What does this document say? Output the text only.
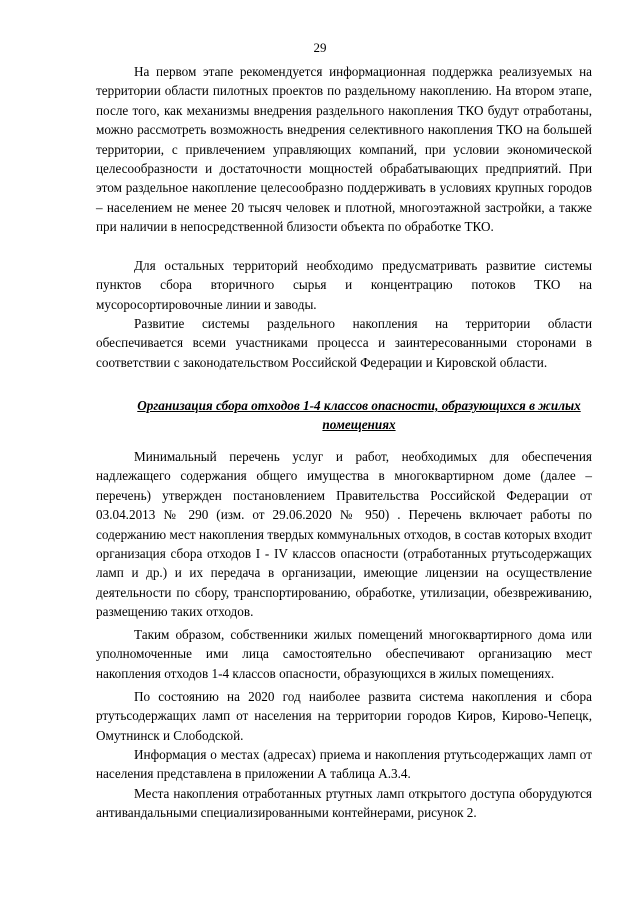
29

На первом этапе рекомендуется информационная поддержка реализуемых на территории области пилотных проектов по раздельному накоплению. На втором этапе, после того, как механизмы внедрения раздельного накопления ТКО будут отработаны, можно рассмотреть возможность внедрения селективного накопления ТКО на большей территории, с привлечением управляющих компаний, при условии экономической целесообразности и достаточности мощностей обрабатывающих предприятий. При этом раздельное накопление целесообразно поддерживать в условиях крупных городов – населением не менее 20 тысяч человек и плотной, многоэтажной застройки, а также при наличии в непосредственной близости объекта по обработке ТКО.

Для остальных территорий необходимо предусматривать развитие системы пунктов сбора вторичного сырья и концентрацию потоков ТКО на мусоросортировочные линии и заводы.

Развитие системы раздельного накопления на территории области обеспечивается всеми участниками процесса и заинтересованными сторонами в соответствии с законодательством Российской Федерации и Кировской области.

Организация сбора отходов 1-4 классов опасности, образующихся в жилых помещениях

Минимальный перечень услуг и работ, необходимых для обеспечения надлежащего содержания общего имущества в многоквартирном доме (далее – перечень) утвержден постановлением Правительства Российской Федерации от 03.04.2013 № 290 (изм. от 29.06.2020 № 950) . Перечень включает работы по содержанию мест накопления твердых коммунальных отходов, в состав которых входит организация сбора отходов I - IV классов опасности (отработанных ртутьсодержащих ламп и др.) и их передача в организации, имеющие лицензии на осуществление деятельности по сбору, транспортированию, обработке, утилизации, обезвреживанию, размещению таких отходов.

Таким образом, собственники жилых помещений многоквартирного дома или уполномоченные ими лица самостоятельно обеспечивают организацию мест накопления отходов 1-4 классов опасности, образующихся в жилых помещениях.

По состоянию на 2020 год наиболее развита система накопления и сбора ртутьсодержащих ламп от населения на территории городов Киров, Кирово-Чепецк, Омутнинск и Слободской.

Информация о местах (адресах) приема и накопления ртутьсодержащих ламп от населения представлена в приложении А таблица А.3.4.

Места накопления отработанных ртутных ламп открытого доступа оборудуются антивандальными специализированными контейнерами, рисунок 2.
